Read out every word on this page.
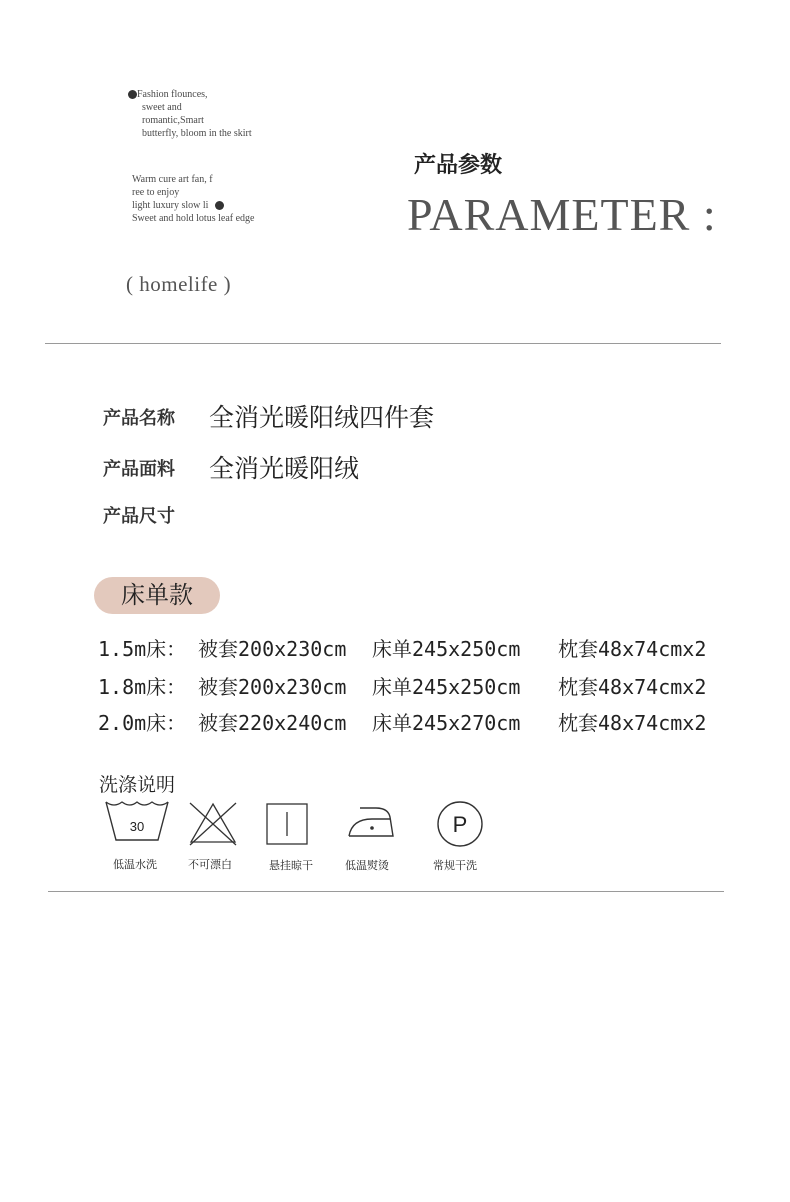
Fashion flounces,
sweet and
romantic,Smart
butterfly, bloom in the skirt
Warm cure art fan, f
ree to enjoy
light luxury slow li
Sweet and hold lotus leaf edge
( homelife )
产品参数
PARAMETER :
产品名称 全消光暖阳绒四件套
产品面料 全消光暖阳绒
产品尺寸
床单款
1.5m床： 被套200x230cm 床单245x250cm 枕套48x74cmx2
1.8m床： 被套200x230cm 床单245x250cm 枕套48x74cmx2
2.0m床： 被套220x240cm 床单245x270cm 枕套48x74cmx2
洗涤说明
30
低温水洗	不可漂白	悬挂晾干	低温熨烫
P
常规干洗
